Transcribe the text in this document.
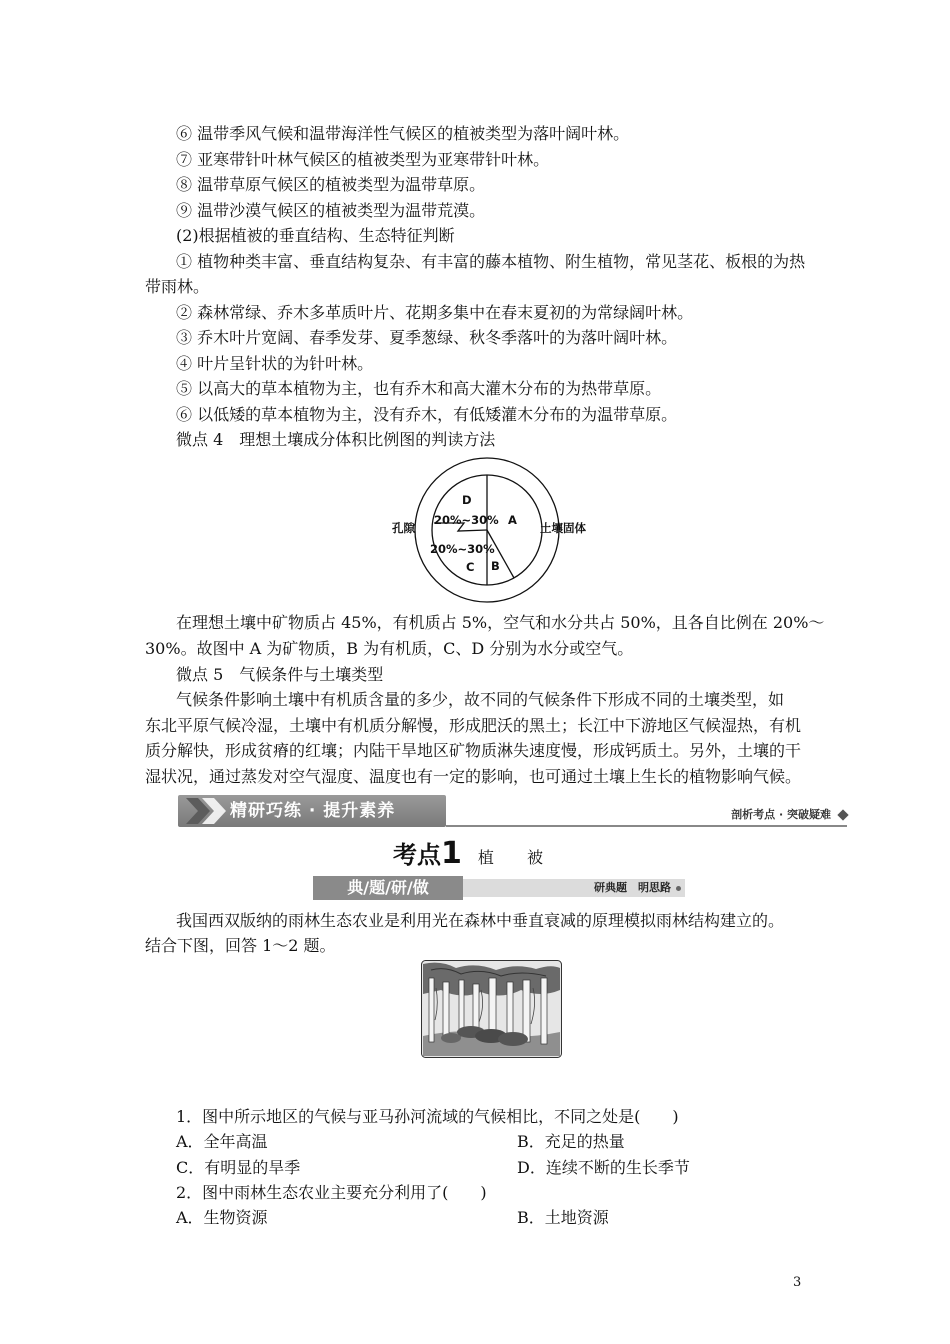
⑥ 温带季风气候和温带海洋性气候区的植被类型为落叶阔叶林。

⑦ 亚寒带针叶林气候区的植被类型为亚寒带针叶林。

⑧ 温带草原气候区的植被类型为温带草原。

⑨ 温带沙漠气候区的植被类型为温带荒漠。

(2)根据植被的垂直结构、生态特征判断

① 植物种类丰富、垂直结构复杂、有丰富的藤本植物、附生植物，常见茎花、板根的为热

带雨林。

② 森林常绿、乔木多革质叶片、花期多集中在春末夏初的为常绿阔叶林。

③ 乔木叶片宽阔、春季发芽、夏季葱绿、秋冬季落叶的为落叶阔叶林。

④ 叶片呈针状的为针叶林。

⑤ 以高大的草本植物为主，也有乔木和高大灌木分布的为热带草原。

⑥ 以低矮的草本植物为主，没有乔木，有低矮灌木分布的为温带草原。

微点 4　理想土壤成分体积比例图的判读方法

D
20%~30% A
20%~30%
C B
孔隙	土壤固体

在理想土壤中矿物质占 45%，有机质占 5%，空气和水分共占 50%，且各自比例在 20%～

30%。故图中 A 为矿物质，B 为有机质，C、D 分别为水分或空气。

微点 5　气候条件与土壤类型

气候条件影响土壤中有机质含量的多少，故不同的气候条件下形成不同的土壤类型，如

东北平原气候冷湿，土壤中有机质分解慢，形成肥沃的黑土；长江中下游地区气候湿热，有机

质分解快，形成贫瘠的红壤；内陆干旱地区矿物质淋失速度慢，形成钙质土。另外，土壤的干

湿状况，通过蒸发对空气湿度、温度也有一定的影响，也可通过土壤上生长的植物影响气候。

精研巧练 · 提升素养	剖析考点 · 突破疑难
考点1 植 被
典/题/研/做	研典题　明思路

我国西双版纳的雨林生态农业是利用光在森林中垂直衰减的原理模拟雨林结构建立的。

结合下图，回答 1～2 题。

1．图中所示地区的气候与亚马孙河流域的气候相比，不同之处是(　　)

A．全年高温	B．充足的热量

C．有明显的旱季	D．连续不断的生长季节

2．图中雨林生态农业主要充分利用了(　　)

A．生物资源	B．土地资源

3
